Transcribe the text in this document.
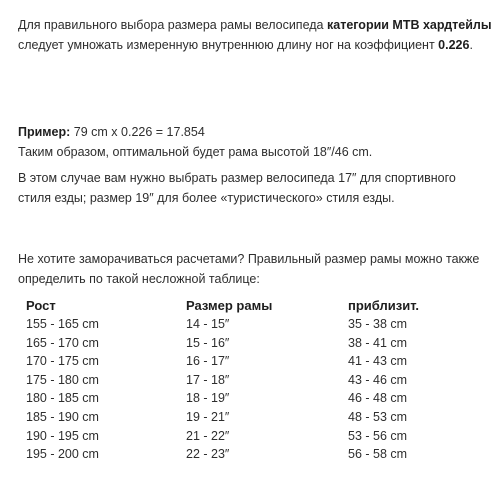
Для правильного выбора размера рамы велосипеда категории МТВ хардтейлы следует умножать измеренную внутреннюю длину ног на коэффициент 0.226.

Пример: 79 cm x 0.226 = 17.854
Таким образом, оптимальной будет рама высотой 18″/46 cm.

В этом случае вам нужно выбрать размер велосипеда 17″ для спортивного стиля езды; размер 19″ для более «туристического» стиля езды.

Не хотите заморачиваться расчетами? Правильный размер рамы можно также определить по такой несложной таблице:

Рост	Размер рамы	приблизит.
155 - 165 cm	14 - 15″	35 - 38 cm
165 - 170 cm	15 - 16″	38 - 41 cm
170 - 175 cm	16 - 17″	41 - 43 cm
175 - 180 cm	17 - 18″	43 - 46 cm
180 - 185 cm	18 - 19″	46 - 48 cm
185 - 190 cm	19 - 21″	48 - 53 cm
190 - 195 cm	21 - 22″	53 - 56 cm
195 - 200 cm	22 - 23″	56 - 58 cm
